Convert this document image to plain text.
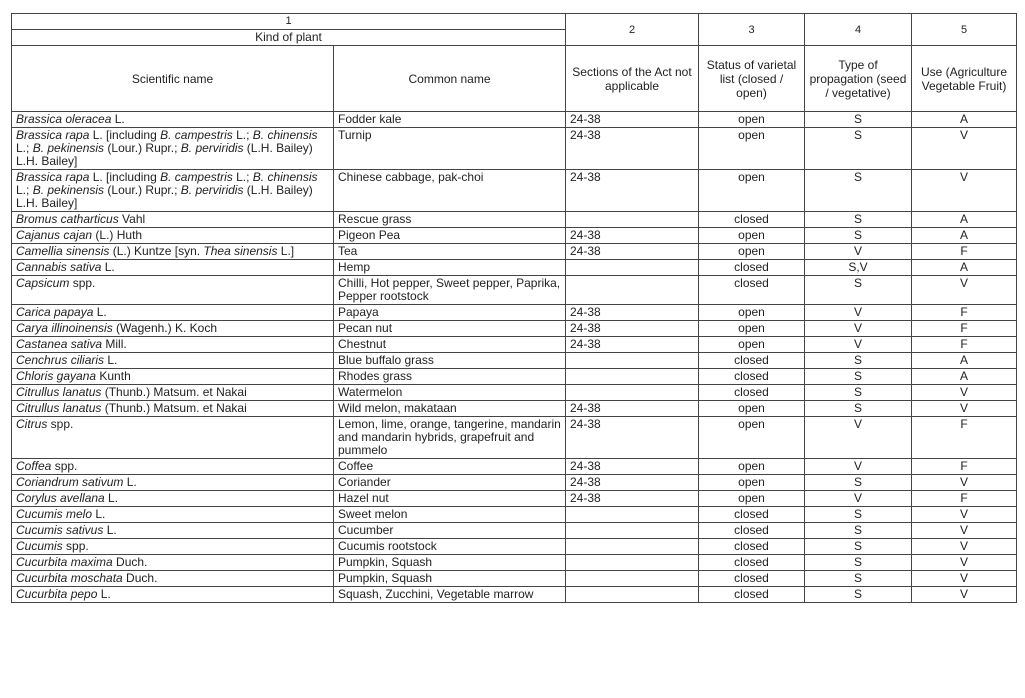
1		2	3	4	5
Kind of plant					
Scientific name	Common name	Sections of the Act not applicable	Status of varietal list (closed / open)	Type of propagation (seed / vegetative)	Use (Agriculture Vegetable Fruit)
Brassica oleracea L.	Fodder kale	24-38	open	S	A
Brassica rapa L. [including B. campestris L.; B. chinensis L.; B. pekinensis (Lour.) Rupr.; B. perviridis (L.H. Bailey) L.H. Bailey]	Turnip	24-38	open	S	V
Brassica rapa L. [including B. campestris L.; B. chinensis L.; B. pekinensis (Lour.) Rupr.; B. perviridis (L.H. Bailey) L.H. Bailey]	Chinese cabbage, pak-choi	24-38	open	S	V
Bromus catharticus Vahl	Rescue grass		closed	S	A
Cajanus cajan (L.) Huth	Pigeon Pea	24-38	open	S	A
Camellia sinensis (L.) Kuntze [syn. Thea sinensis L.]	Tea	24-38	open	V	F
Cannabis sativa L.	Hemp		closed	S,V	A
Capsicum spp.	Chilli, Hot pepper, Sweet pepper, Paprika, Pepper rootstock		closed	S	V
Carica papaya L.	Papaya	24-38	open	V	F
Carya illinoinensis (Wagenh.) K. Koch	Pecan nut	24-38	open	V	F
Castanea sativa Mill.	Chestnut	24-38	open	V	F
Cenchrus ciliaris L.	Blue buffalo grass		closed	S	A
Chloris gayana Kunth	Rhodes grass		closed	S	A
Citrullus lanatus (Thunb.) Matsum. et Nakai	Watermelon		closed	S	V
Citrullus lanatus (Thunb.) Matsum. et Nakai	Wild melon, makataan	24-38	open	S	V
Citrus spp.	Lemon, lime, orange, tangerine, mandarin and mandarin hybrids, grapefruit and pummelo	24-38	open	V	F
Coffea spp.	Coffee	24-38	open	V	F
Coriandrum sativum L.	Coriander	24-38	open	S	V
Corylus avellana L.	Hazel nut	24-38	open	V	F
Cucumis melo L.	Sweet melon		closed	S	V
Cucumis sativus L.	Cucumber		closed	S	V
Cucumis spp.	Cucumis rootstock		closed	S	V
Cucurbita maxima Duch.	Pumpkin, Squash		closed	S	V
Cucurbita moschata Duch.	Pumpkin, Squash		closed	S	V
Cucurbita pepo L.	Squash, Zucchini, Vegetable marrow		closed	S	V
